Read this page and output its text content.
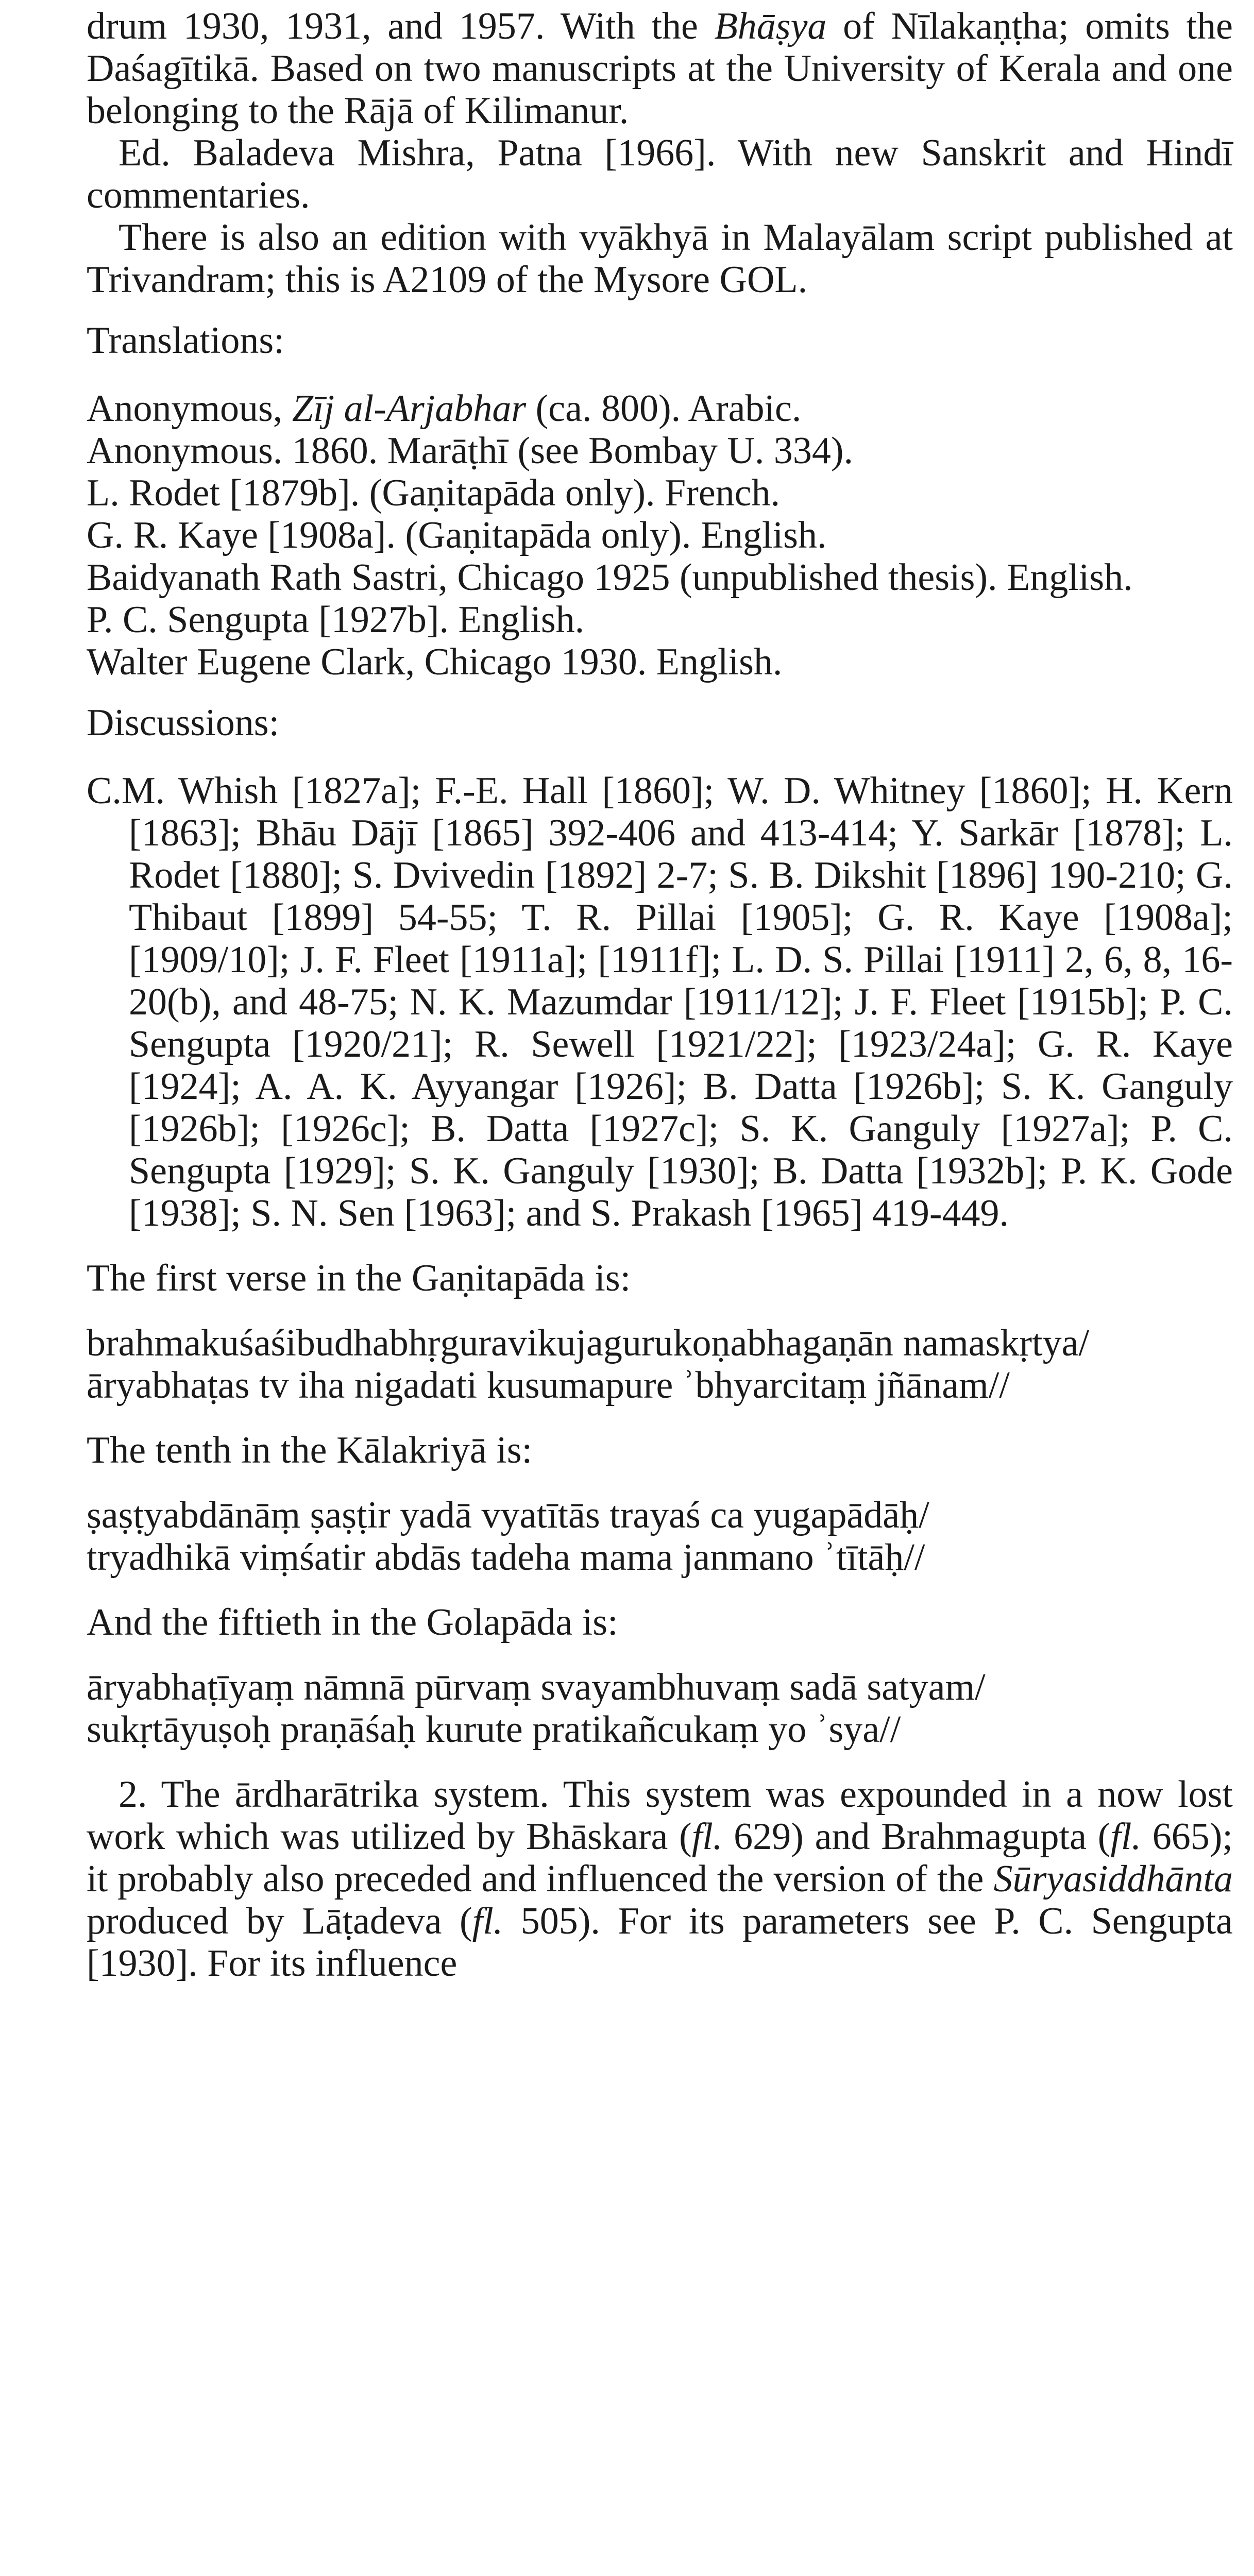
drum 1930, 1931, and 1957. With the Bhāṣya of Nīlakaṇṭha; omits the Daśagītikā. Based on two manuscripts at the University of Kerala and one belonging to the Rājā of Kilimanur.

Ed. Baladeva Mishra, Patna [1966]. With new Sanskrit and Hindī commentaries.

There is also an edition with vyākhyā in Malayālam script published at Trivandram; this is A2109 of the Mysore GOL.

Translations:

Anonymous, Zīj al-Arjabhar (ca. 800). Arabic.

Anonymous. 1860. Marāṭhī (see Bombay U. 334).

L. Rodet [1879b]. (Gaṇitapāda only). French.

G. R. Kaye [1908a]. (Gaṇitapāda only). English.

Baidyanath Rath Sastri, Chicago 1925 (unpublished thesis). English.

P. C. Sengupta [1927b]. English.

Walter Eugene Clark, Chicago 1930. English.

Discussions:

C.M. Whish [1827a]; F.-E. Hall [1860]; W. D. Whitney [1860]; H. Kern [1863]; Bhāu Dājī [1865] 392-406 and 413-414; Y. Sarkār [1878]; L. Rodet [1880]; S. Dvivedin [1892] 2-7; S. B. Dikshit [1896] 190-210; G. Thibaut [1899] 54-55; T. R. Pillai [1905]; G. R. Kaye [1908a]; [1909/10]; J. F. Fleet [1911a]; [1911f]; L. D. S. Pillai [1911] 2, 6, 8, 16-20(b), and 48-75; N. K. Mazumdar [1911/12]; J. F. Fleet [1915b]; P. C. Sengupta [1920/21]; R. Sewell [1921/22]; [1923/24a]; G. R. Kaye [1924]; A. A. K. Ayyangar [1926]; B. Datta [1926b]; S. K. Ganguly [1926b]; [1926c]; B. Datta [1927c]; S. K. Ganguly [1927a]; P. C. Sengupta [1929]; S. K. Ganguly [1930]; B. Datta [1932b]; P. K. Gode [1938]; S. N. Sen [1963]; and S. Prakash [1965] 419-449.

The first verse in the Gaṇitapāda is:

brahmakuśaśibudhabhṛguravikujagurukoṇabhagaṇān namaskṛtya/

āryabhaṭas tv iha nigadati kusumapure ʾbhyarcitaṃ jñānam//

The tenth in the Kālakriyā is:

ṣaṣṭyabdānāṃ ṣaṣṭir yadā vyatītās trayaś ca yugapādāḥ/

tryadhikā viṃśatir abdās tadeha mama janmano ʾtītāḥ//

And the fiftieth in the Golapāda is:

āryabhaṭīyaṃ nāmnā pūrvaṃ svayambhuvaṃ sadā satyam/

sukṛtāyuṣoḥ praṇāśaḥ kurute pratikañcukaṃ yo ʾsya//

2. The ārdharātrika system. This system was expounded in a now lost work which was utilized by Bhāskara (fl. 629) and Brahmagupta (fl. 665); it probably also preceded and influenced the version of the Sūryasiddhānta produced by Lāṭadeva (fl. 505). For its parameters see P. C. Sengupta [1930]. For its influence
